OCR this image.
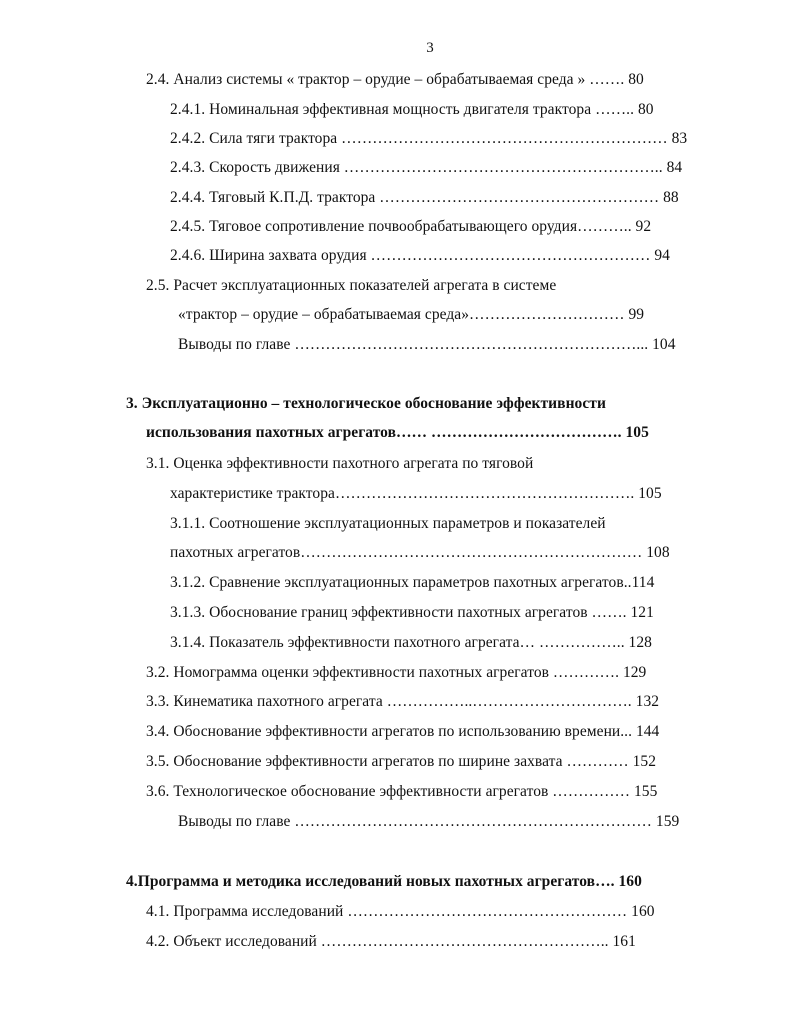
3
2.4. Анализ системы « трактор – орудие – обрабатываемая среда » ……. 80
2.4.1. Номинальная эффективная мощность двигателя трактора …….. 80
2.4.2. Сила тяги трактора ……………………………………………………… 83
2.4.3. Скорость движения …………………………………………………….. 84
2.4.4. Тяговый К.П.Д. трактора ……………………………………………… 88
2.4.5. Тяговое сопротивление почвообрабатывающего орудия……….. 92
2.4.6. Ширина захвата орудия ……………………………………………… 94
2.5. Расчет эксплуатационных показателей агрегата в системе
«трактор – орудие – обрабатываемая среда»………………………… 99
Выводы по главе …………………………………………………………... 104
3. Эксплуатационно – технологическое обоснование эффективности
использования пахотных агрегатов…… ………………………………. 105
3.1. Оценка эффективности пахотного агрегата по тяговой
характеристике трактора…………………………………………………. 105
3.1.1. Соотношение эксплуатационных параметров и показателей
пахотных агрегатов………………………………………………………… 108
3.1.2. Сравнение эксплуатационных параметров пахотных агрегатов..114
3.1.3. Обоснование границ эффективности пахотных агрегатов ……. 121
3.1.4. Показатель эффективности пахотного агрегата… …………….. 128
3.2. Номограмма оценки эффективности пахотных агрегатов …………. 129
3.3. Кинематика пахотного агрегата ……………..…………………………. 132
3.4. Обоснование эффективности агрегатов по использованию времени... 144
3.5. Обоснование эффективности агрегатов по ширине захвата ………… 152
3.6. Технологическое обоснование эффективности агрегатов …………… 155
Выводы по главе …………………………………………………………… 159
4.Программа и методика исследований новых пахотных агрегатов…. 160
4.1. Программа исследований ……………………………………………… 160
4.2. Объект исследований ……………………………………………….. 161
